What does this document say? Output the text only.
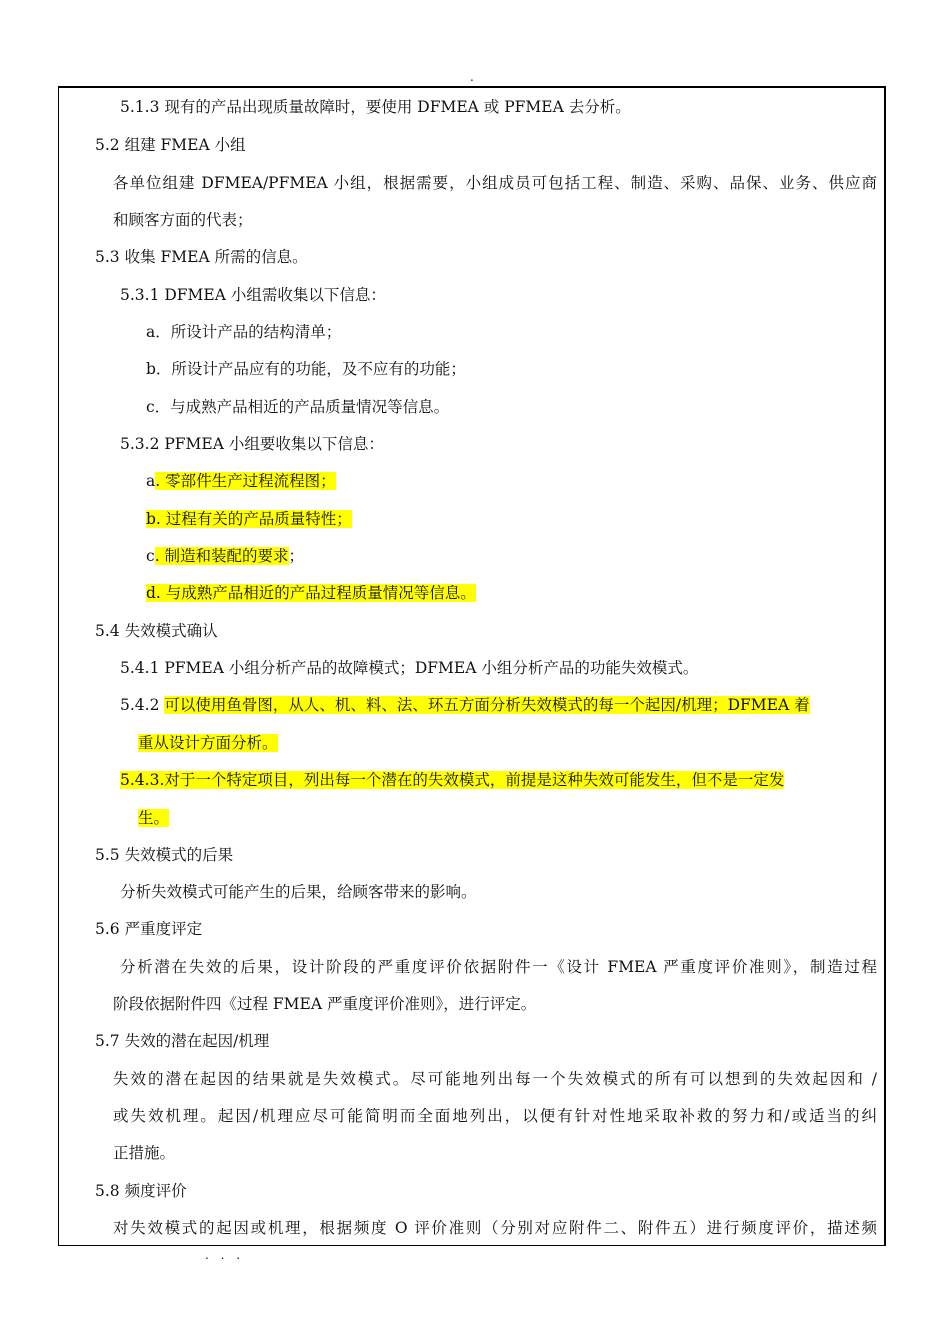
.
5.1.3 现有的产品出现质量故障时，要使用 DFMEA 或 PFMEA 去分析。
5.2 组建 FMEA 小组
各单位组建 DFMEA/PFMEA 小组，根据需要，小组成员可包括工程、制造、采购、品保、业务、供应商
和顾客方面的代表；
5.3 收集 FMEA 所需的信息。
5.3.1 DFMEA 小组需收集以下信息：
a．所设计产品的结构清单；
b．所设计产品应有的功能，及不应有的功能；
c．与成熟产品相近的产品质量情况等信息。
5.3.2 PFMEA 小组要收集以下信息：
a. 零部件生产过程流程图；
b. 过程有关的产品质量特性；
c. 制造和装配的要求；
d. 与成熟产品相近的产品过程质量情况等信息。
5.4 失效模式确认
5.4.1 PFMEA 小组分析产品的故障模式；DFMEA 小组分析产品的功能失效模式。
5.4.2 可以使用鱼骨图，从人、机、料、法、环五方面分析失效模式的每一个起因/机理；DFMEA 着
重从设计方面分析。
5.4.3.对于一个特定项目，列出每一个潜在的失效模式，前提是这种失效可能发生，但不是一定发
生。
5.5 失效模式的后果
分析失效模式可能产生的后果，给顾客带来的影响。
5.6 严重度评定
分析潜在失效的后果，设计阶段的严重度评价依据附件一《设计 FMEA 严重度评价准则》，制造过程
阶段依据附件四《过程 FMEA 严重度评价准则》，进行评定。
5.7 失效的潜在起因/机理
失效的潜在起因的结果就是失效模式。尽可能地列出每一个失效模式的所有可以想到的失效起因和 /
或失效机理。起因/机理应尽可能简明而全面地列出，以便有针对性地采取补救的努力和/或适当的纠
正措施。
5.8 频度评价
对失效模式的起因或机理，根据频度 O 评价准则（分别对应附件二、附件五）进行频度评价，描述频
. . .
